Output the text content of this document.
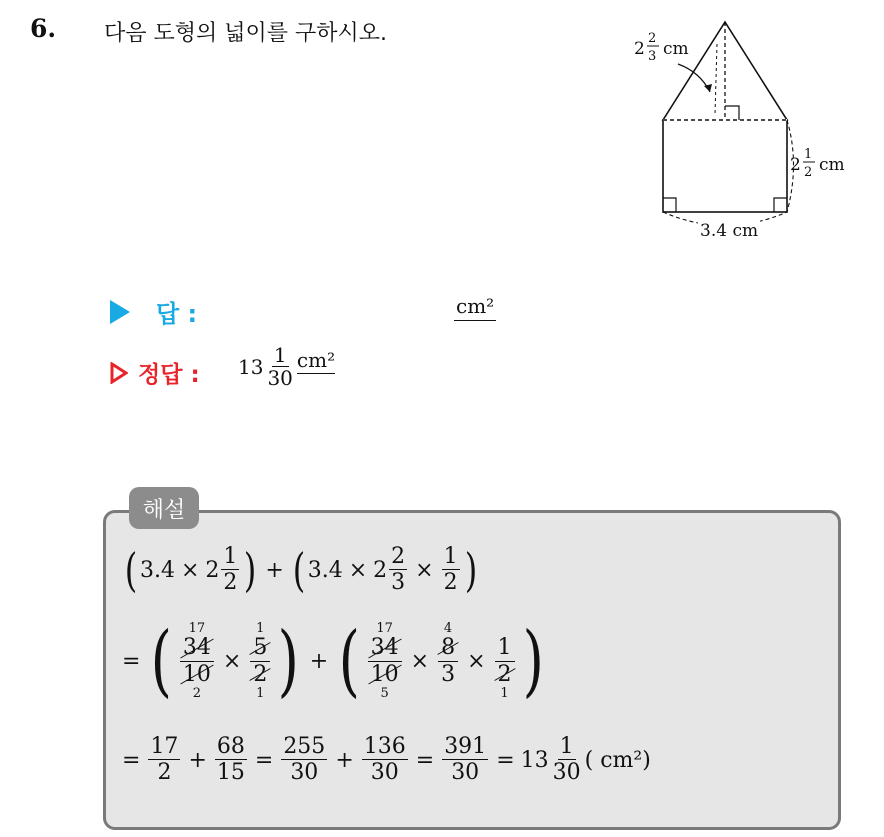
6. 다음 도형의 넓이를 구하시오.
2
2
3 cm
2
1
2 cm
3.4 cm
답 :	cm²
정답 : $13 \frac{1}{30} cm^2$
해설
( $3.4 \times 2 \frac{1}{2}$ ) + ( $3.4 \times 2 \frac{2}{3} \times \frac{1}{2}$ )
= ( 17
34
10
2
×
1
5
2
1 ) + ( 17
34
10
5
×
4
8
3

×

1
2
1 )
= $\frac{17}{2} + \frac{68}{15} = \frac{255}{30} + \frac{136}{30} = \frac{391}{30} = 13 \frac{1}{30}$ ( cm²)
